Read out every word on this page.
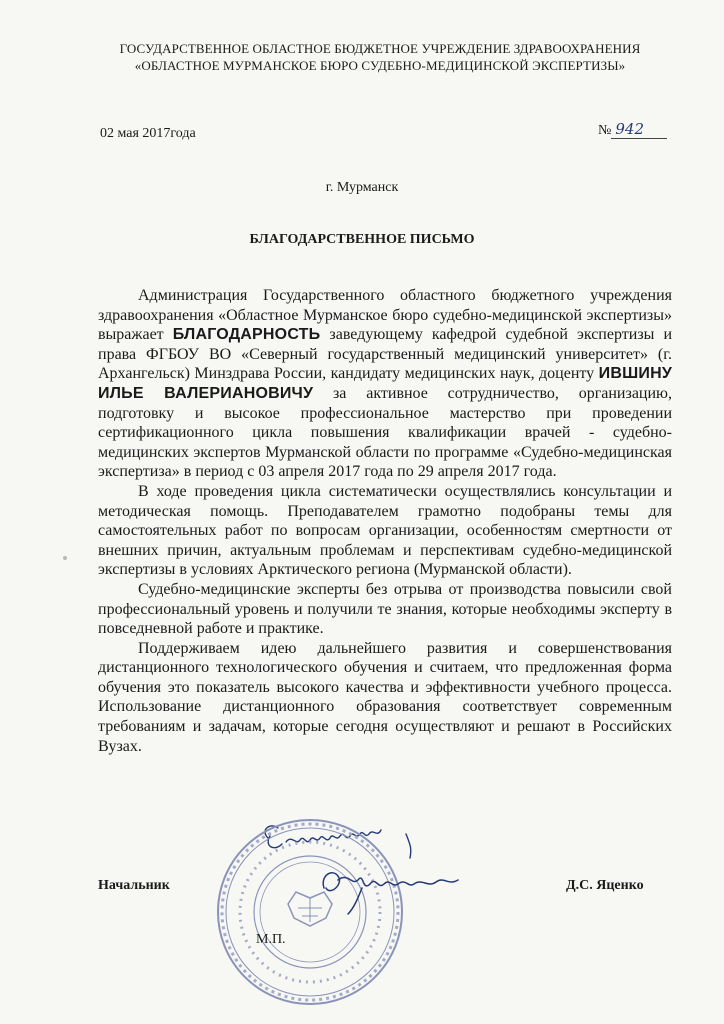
ГОСУДАРСТВЕННОЕ ОБЛАСТНОЕ БЮДЖЕТНОЕ УЧРЕЖДЕНИЕ ЗДРАВООХРАНЕНИЯ
«ОБЛАСТНОЕ МУРМАНСКОЕ БЮРО СУДЕБНО-МЕДИЦИНСКОЙ ЭКСПЕРТИЗЫ»
02 мая 2017года	№ 942
г. Мурманск
БЛАГОДАРСТВЕННОЕ ПИСЬМО

Администрация Государственного областного бюджетного учреждения здравоохранения «Областное Мурманское бюро судебно-медицинской экспертизы» выражает БЛАГОДАРНОСТЬ заведующему кафедрой судебной экспертизы и права ФГБОУ ВО «Северный государственный медицинский университет» (г. Архангельск) Минздрава России, кандидату медицинских наук, доценту ИВШИНУ ИЛЬЕ ВАЛЕРИАНОВИЧУ за активное сотрудничество, организацию, подготовку и высокое профессиональное мастерство при проведении сертификационного цикла повышения квалификации врачей - судебно-медицинских экспертов Мурманской области по программе «Судебно-медицинская экспертиза» в период с 03 апреля 2017 года по 29 апреля 2017 года.

В ходе проведения цикла систематически осуществлялись консультации и методическая помощь. Преподавателем грамотно подобраны темы для самостоятельных работ по вопросам организации, особенностям смертности от внешних причин, актуальным проблемам и перспективам судебно-медицинской экспертизы в условиях Арктического региона (Мурманской области).

Судебно-медицинские эксперты без отрыва от производства повысили свой профессиональный уровень и получили те знания, которые необходимы эксперту в повседневной работе и практике.

Поддерживаем идею дальнейшего развития и совершенствования дистанционного технологического обучения и считаем, что предложенная форма обучения это показатель высокого качества и эффективности учебного процесса. Использование дистанционного образования соответствует современным требованиям и задачам, которые сегодня осуществляют и решают в Российских Вузах.

Начальник	Д.С. Яценко
М.П.
